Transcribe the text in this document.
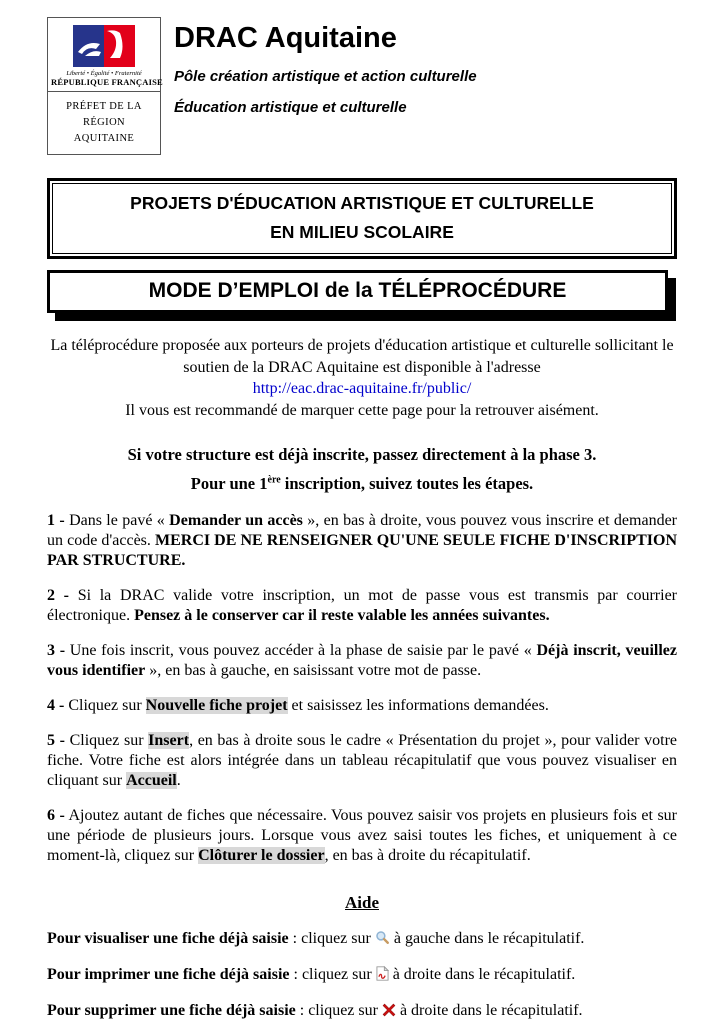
Liberté • Égalité • Fraternité
RÉPUBLIQUE FRANÇAISE
PRÉFET DE LA RÉGION
AQUITAINE
DRAC Aquitaine
Pôle création artistique et action culturelle
Éducation artistique et culturelle
PROJETS D'ÉDUCATION ARTISTIQUE ET CULTURELLE
EN MILIEU SCOLAIRE
MODE D’EMPLOI de la TÉLÉPROCÉDURE

La téléprocédure proposée aux porteurs de projets d'éducation artistique et culturelle sollicitant le soutien de la DRAC Aquitaine est disponible à l'adresse
http://eac.drac-aquitaine.fr/public/
Il vous est recommandé de marquer cette page pour la retrouver aisément.

Si votre structure est déjà inscrite, passez directement à la phase 3.
Pour une 1ère inscription, suivez toutes les étapes.

1 - Dans le pavé « Demander un accès », en bas à droite, vous pouvez vous inscrire et demander un code d'accès. MERCI DE NE RENSEIGNER QU'UNE SEULE FICHE D'INSCRIPTION PAR STRUCTURE.

2 - Si la DRAC valide votre inscription, un mot de passe vous est transmis par courrier électronique. Pensez à le conserver car il reste valable les années suivantes.

3 - Une fois inscrit, vous pouvez accéder à la phase de saisie par le pavé « Déjà inscrit, veuillez vous identifier », en bas à gauche, en saisissant votre mot de passe.

4 - Cliquez sur Nouvelle fiche projet et saisissez les informations demandées.

5 - Cliquez sur Insert, en bas à droite sous le cadre « Présentation du projet », pour valider votre fiche. Votre fiche est alors intégrée dans un tableau récapitulatif que vous pouvez visualiser en cliquant sur Accueil.

6 - Ajoutez autant de fiches que nécessaire. Vous pouvez saisir vos projets en plusieurs fois et sur une période de plusieurs jours. Lorsque vous avez saisi toutes les fiches, et uniquement à ce moment-là, cliquez sur Clôturer le dossier, en bas à droite du récapitulatif.

Aide

Pour visualiser une fiche déjà saisie : cliquez sur  à gauche dans le récapitulatif.

Pour imprimer une fiche déjà saisie : cliquez sur  à droite dans le récapitulatif.

Pour supprimer une fiche déjà saisie : cliquez sur  à droite dans le récapitulatif.
